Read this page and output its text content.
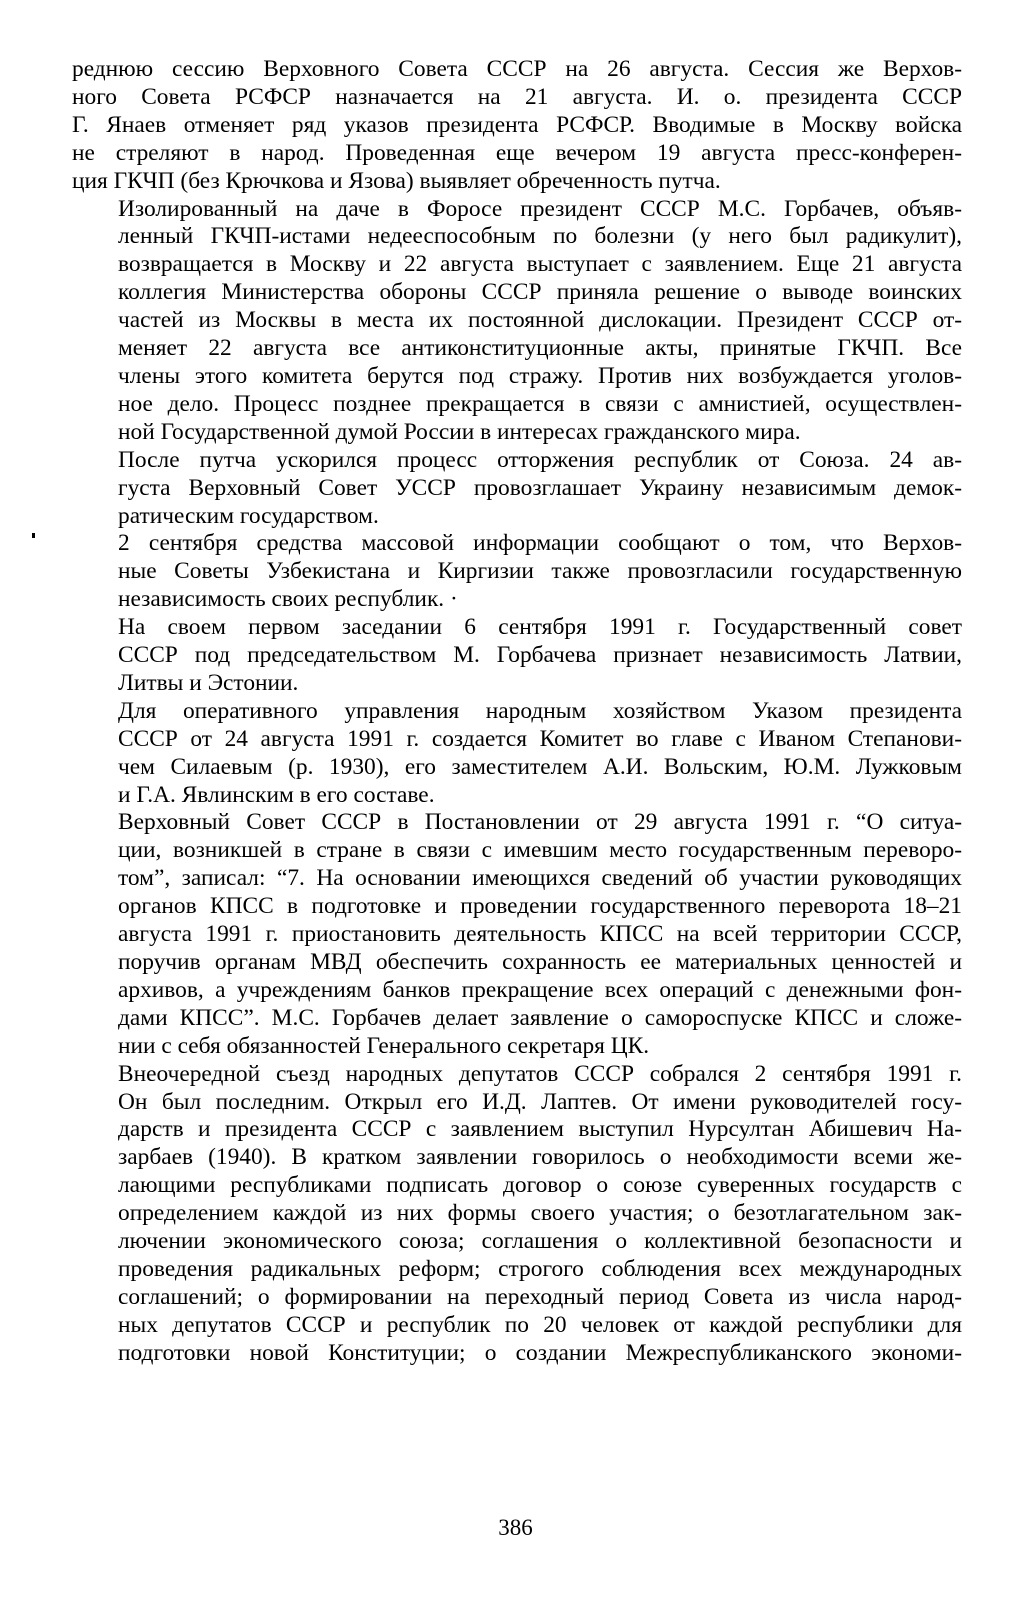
реднюю сессию Верховного Совета СССР на 26 августа. Сессия же Верхов-
ного Совета РСФСР назначается на 21 августа. И. о. президента СССР
Г. Янаев отменяет ряд указов президента РСФСР. Вводимые в Москву войска
не стреляют в народ. Проведенная еще вечером 19 августа пресс-конферен-
ция ГКЧП (без Крючкова и Язова) выявляет обреченность путча.

Изолированный на даче в Форосе президент СССР М.С. Горбачев, объяв-
ленный ГКЧП-истами недееспособным по болезни (у него был радикулит),
возвращается в Москву и 22 августа выступает с заявлением. Еще 21 августа
коллегия Министерства обороны СССР приняла решение о выводе воинских
частей из Москвы в места их постоянной дислокации. Президент СССР от-
меняет 22 августа все антиконституционные акты, принятые ГКЧП. Все
члены этого комитета берутся под стражу. Против них возбуждается уголов-
ное дело. Процесс позднее прекращается в связи с амнистией, осуществлен-
ной Государственной думой России в интересах гражданского мира.

После путча ускорился процесс отторжения республик от Союза. 24 ав-
густа Верховный Совет УССР провозглашает Украину независимым демок-
ратическим государством.

2 сентября средства массовой информации сообщают о том, что Верхов-
ные Советы Узбекистана и Киргизии также провозгласили государственную
независимость своих республик. ·

На своем первом заседании 6 сентября 1991 г. Государственный совет
СССР под председательством М. Горбачева признает независимость Латвии,
Литвы и Эстонии.

Для оперативного управления народным хозяйством Указом президента
СССР от 24 августа 1991 г. создается Комитет во главе с Иваном Степанови-
чем Силаевым (р. 1930), его заместителем А.И. Вольским, Ю.М. Лужковым
и Г.А. Явлинским в его составе.

Верховный Совет СССР в Постановлении от 29 августа 1991 г. “О ситуа-
ции, возникшей в стране в связи с имевшим место государственным переворо-
том”, записал: “7. На основании имеющихся сведений об участии руководящих
органов КПСС в подготовке и проведении государственного переворота 18–21
августа 1991 г. приостановить деятельность КПСС на всей территории СССР,
поручив органам МВД обеспечить сохранность ее материальных ценностей и
архивов, а учреждениям банков прекращение всех операций с денежными фон-
дами КПСС”. М.С. Горбачев делает заявление о самороспуске КПСС и сложе-
нии с себя обязанностей Генерального секретаря ЦК.

Внеочередной съезд народных депутатов СССР собрался 2 сентября 1991 г.
Он был последним. Открыл его И.Д. Лаптев. От имени руководителей госу-
дарств и президента СССР с заявлением выступил Нурсултан Абишевич На-
зарбаев (1940). В кратком заявлении говорилось о необходимости всеми же-
лающими республиками подписать договор о союзе суверенных государств с
определением каждой из них формы своего участия; о безотлагательном зак-
лючении экономического союза; соглашения о коллективной безопасности и
проведения радикальных реформ; строгого соблюдения всех международных
соглашений; о формировании на переходный период Совета из числа народ-
ных депутатов СССР и республик по 20 человек от каждой республики для
подготовки новой Конституции; о создании Межреспубликанского экономи-

386
